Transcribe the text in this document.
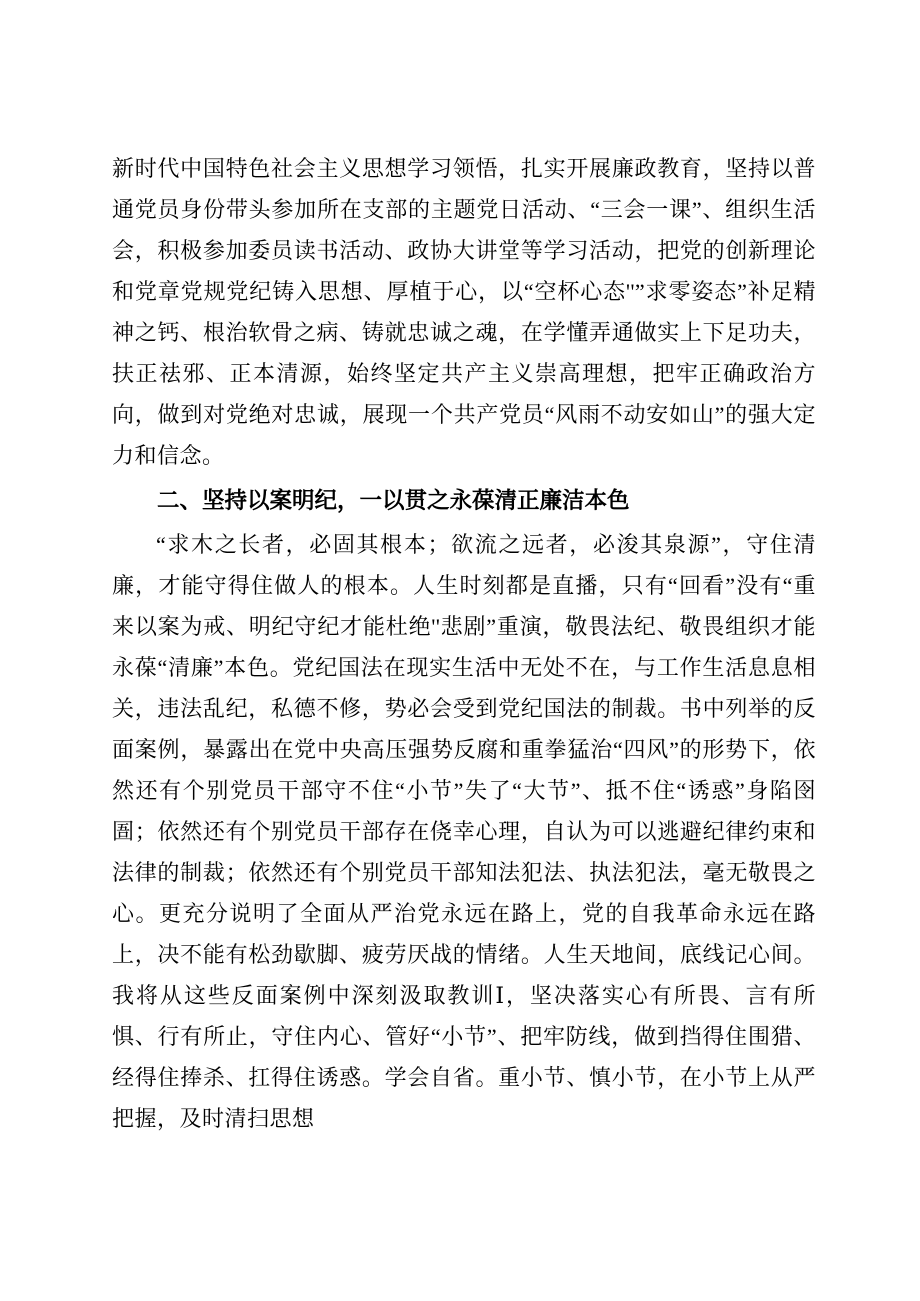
新时代中国特色社会主义思想学习领悟，扎实开展廉政教育，坚持以普通党员身份带头参加所在支部的主题党日活动、“三会一课”、组织生活会，积极参加委员读书活动、政协大讲堂等学习活动，把党的创新理论和党章党规党纪铸入思想、厚植于心，以“空杯心态''”求零姿态”补足精神之钙、根治软骨之病、铸就忠诚之魂，在学懂弄通做实上下足功夫，扶正祛邪、正本清源，始终坚定共产主义崇高理想，把牢正确政治方向，做到对党绝对忠诚，展现一个共产党员“风雨不动安如山”的强大定力和信念。

二、坚持以案明纪，一以贯之永葆清正廉洁本色

“求木之长者，必固其根本；欲流之远者，必浚其泉源”，守住清廉，才能守得住做人的根本。人生时刻都是直播，只有“回看”没有“重来以案为戒、明纪守纪才能杜绝''悲剧”重演，敬畏法纪、敬畏组织才能永葆“清廉”本色。党纪国法在现实生活中无处不在，与工作生活息息相关，违法乱纪，私德不修，势必会受到党纪国法的制裁。书中列举的反面案例，暴露出在党中央高压强势反腐和重拳猛治“四风”的形势下，依然还有个别党员干部守不住“小节”失了“大节”、抵不住“诱惑”身陷囹圄；依然还有个别党员干部存在侥幸心理，自认为可以逃避纪律约束和法律的制裁；依然还有个别党员干部知法犯法、执法犯法，毫无敬畏之心。更充分说明了全面从严治党永远在路上，党的自我革命永远在路上，决不能有松劲歇脚、疲劳厌战的情绪。人生天地间，底线记心间。我将从这些反面案例中深刻汲取教训Ⅰ，坚决落实心有所畏、言有所惧、行有所止，守住内心、管好“小节”、把牢防线，做到挡得住围猎、经得住捧杀、扛得住诱惑。学会自省。重小节、慎小节，在小节上从严把握，及时清扫思想
